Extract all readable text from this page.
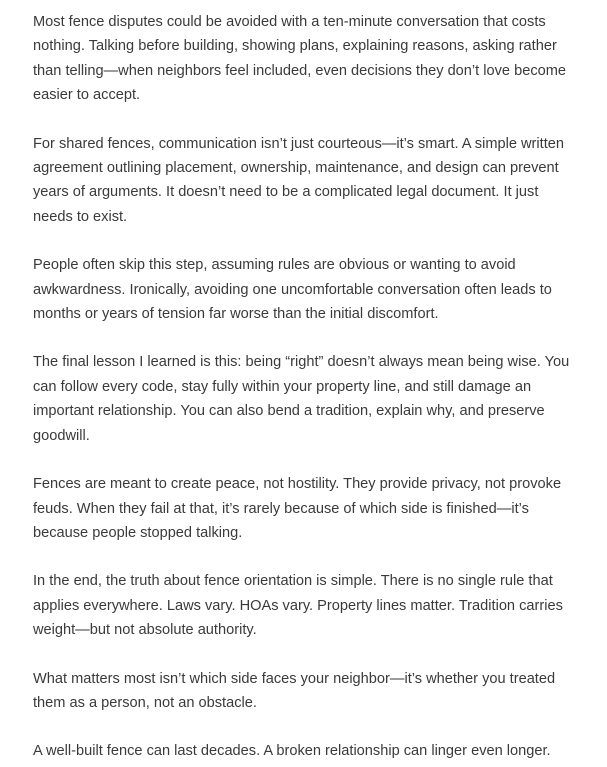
Most fence disputes could be avoided with a ten-minute conversation that costs nothing. Talking before building, showing plans, explaining reasons, asking rather than telling—when neighbors feel included, even decisions they don’t love become easier to accept.

For shared fences, communication isn’t just courteous—it’s smart. A simple written agreement outlining placement, ownership, maintenance, and design can prevent years of arguments. It doesn’t need to be a complicated legal document. It just needs to exist.

People often skip this step, assuming rules are obvious or wanting to avoid awkwardness. Ironically, avoiding one uncomfortable conversation often leads to months or years of tension far worse than the initial discomfort.

The final lesson I learned is this: being “right” doesn’t always mean being wise. You can follow every code, stay fully within your property line, and still damage an important relationship. You can also bend a tradition, explain why, and preserve goodwill.

Fences are meant to create peace, not hostility. They provide privacy, not provoke feuds. When they fail at that, it’s rarely because of which side is finished—it’s because people stopped talking.

In the end, the truth about fence orientation is simple. There is no single rule that applies everywhere. Laws vary. HOAs vary. Property lines matter. Tradition carries weight—but not absolute authority.

What matters most isn’t which side faces your neighbor—it’s whether you treated them as a person, not an obstacle.

A well-built fence can last decades. A broken relationship can linger even longer.
